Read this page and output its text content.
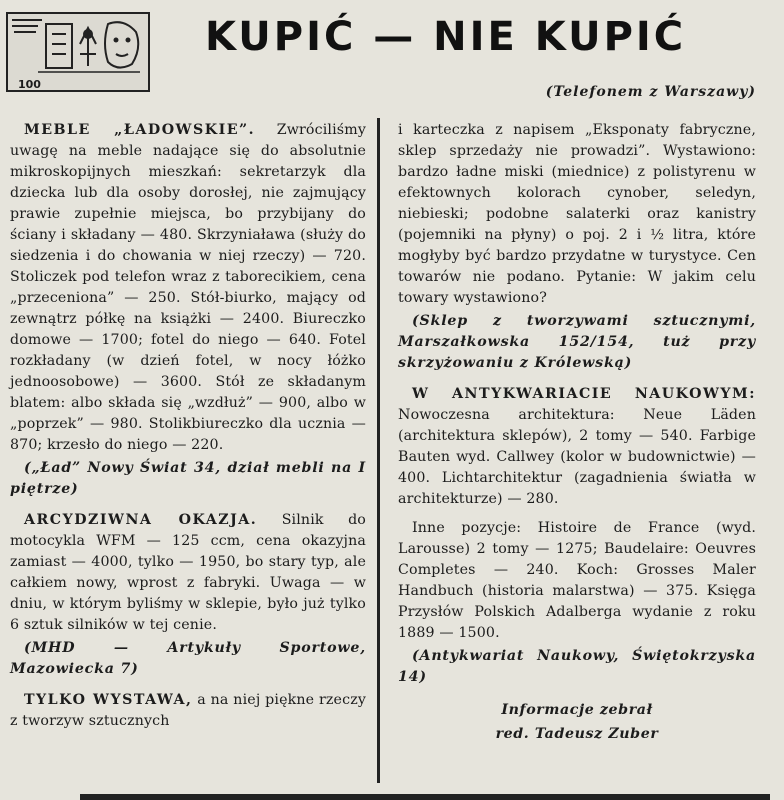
100
KUPIĆ — NIE KUPIĆ
(Telefonem z Warszawy)

MEBLE „ŁADOWSKIE”. Zwróciliśmy uwagę na meble nadające się do absolutnie mikroskopijnych mieszkań: sekretarzyk dla dziecka lub dla osoby dorosłej, nie zajmujący prawie zupełnie miejsca, bo przybijany do ściany i składany — 480. Skrzyniaława (służy do siedzenia i do chowania w niej rzeczy) — 720. Stoliczek pod telefon wraz z taborecikiem, cena „przeceniona” — 250. Stół-biurko, mający od zewnątrz półkę na książki — 2400. Biureczko domowe — 1700; fotel do niego — 640. Fotel rozkładany (w dzień fotel, w nocy łóżko jednoosobowe) — 3600. Stół ze składanym blatem: albo składa się „wzdłuż” — 900, albo w „poprzek” — 980. Stolikbiureczko dla ucznia — 870; krzesło do niego — 220.

(„Ład” Nowy Świat 34, dział mebli na I piętrze)

ARCYDZIWNA OKAZJA. Silnik do motocykla WFM — 125 ccm, cena okazyjna zamiast — 4000, tylko — 1950, bo stary typ, ale całkiem nowy, wprost z fabryki. Uwaga — w dniu, w którym byliśmy w sklepie, było już tylko 6 sztuk silników w tej cenie.

(MHD — Artykuły Sportowe, Mazowiecka 7)

TYLKO WYSTAWA, a na niej piękne rzeczy z tworzyw sztucznych

i karteczka z napisem „Eksponaty fabryczne, sklep sprzedaży nie prowadzi”. Wystawiono: bardzo ładne miski (miednice) z polistyrenu w efektownych kolorach cynober, seledyn, niebieski; podobne salaterki oraz kanistry (pojemniki na płyny) o poj. 2 i ½ litra, które mogłyby być bardzo przydatne w turystyce. Cen towarów nie podano. Pytanie: W jakim celu towary wystawiono?

(Sklep z tworzywami sztucznymi, Marszałkowska 152/154, tuż przy skrzyżowaniu z Królewską)

W ANTYKWARIACIE NAUKOWYM: Nowoczesna architektura: Neue Läden (architektura sklepów), 2 tomy — 540. Farbige Bauten wyd. Callwey (kolor w budownictwie) — 400. Lichtarchitektur (zagadnienia światła w architekturze) — 280.

Inne pozycje: Histoire de France (wyd. Larousse) 2 tomy — 1275; Baudelaire: Oeuvres Completes — 240. Koch: Grosses Maler Handbuch (historia malarstwa) — 375. Księga Przysłów Polskich Adalberga wydanie z roku 1889 — 1500.

(Antykwariat Naukowy, Świętokrzyska 14)

Informacje zebrał
red. Tadeusz Zuber
